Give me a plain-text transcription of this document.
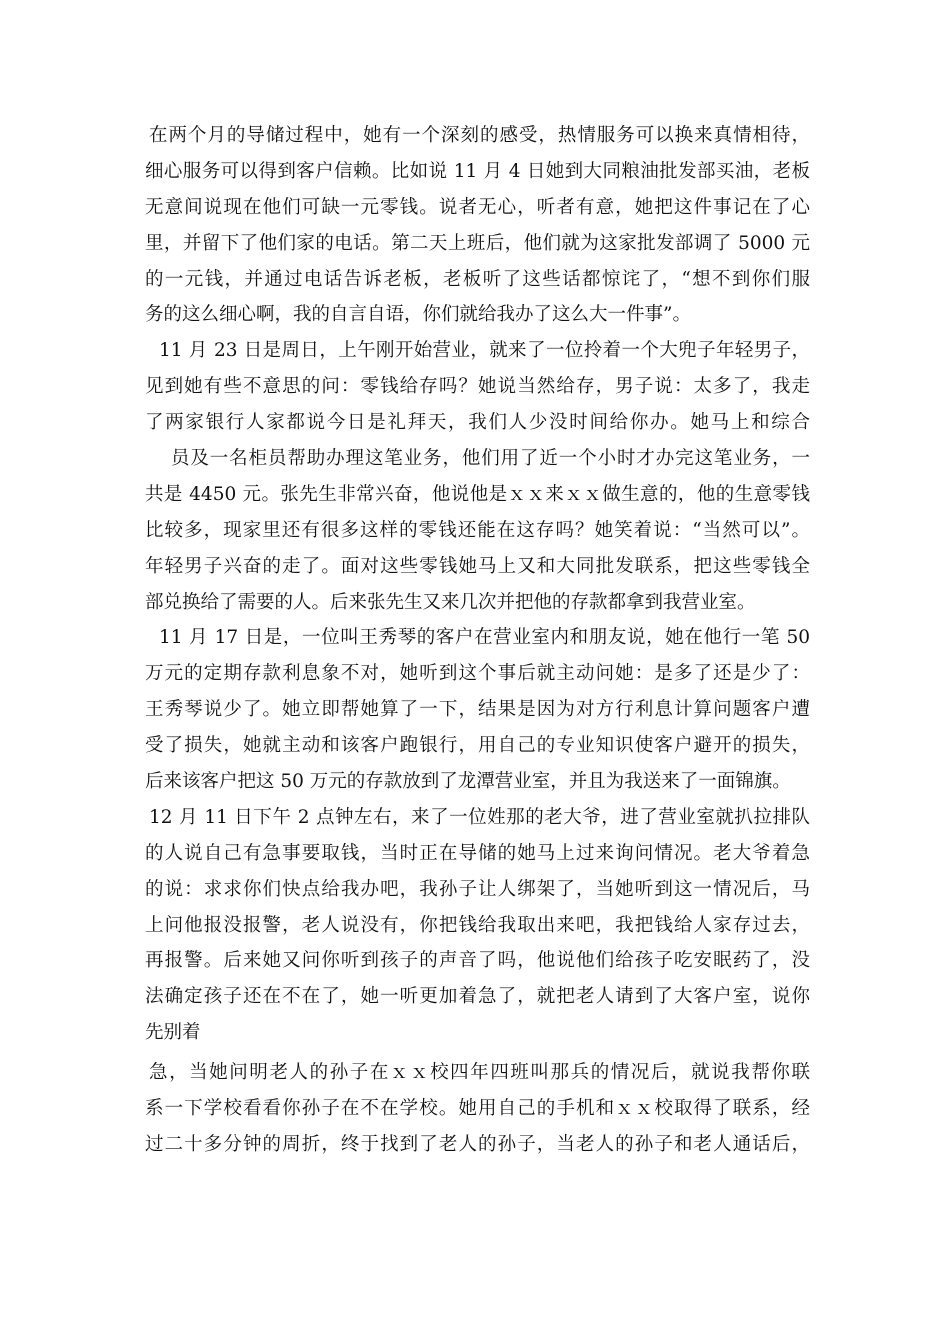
在两个月的导储过程中，她有一个深刻的感受，热情服务可以换来真情相待，
细心服务可以得到客户信赖。比如说 11 月 4 日她到大同粮油批发部买油，老板
无意间说现在他们可缺一元零钱。说者无心，听者有意，她把这件事记在了心
里，并留下了他们家的电话。第二天上班后，他们就为这家批发部调了 5000 元
的一元钱，并通过电话告诉老板，老板听了这些话都惊诧了，“想不到你们服
务的这么细心啊，我的自言自语，你们就给我办了这么大一件事”。
11 月 23 日是周日，上午刚开始营业，就来了一位拎着一个大兜子年轻男子，
见到她有些不意思的问：零钱给存吗？她说当然给存，男子说：太多了，我走
了两家银行人家都说今日是礼拜天，我们人少没时间给你办。她马上和综合
员及一名柜员帮助办理这笔业务，他们用了近一个小时才办完这笔业务，一
共是 4450 元。张先生非常兴奋，他说他是ｘｘ来ｘｘ做生意的，他的生意零钱
比较多，现家里还有很多这样的零钱还能在这存吗？她笑着说：“当然可以”。
年轻男子兴奋的走了。面对这些零钱她马上又和大同批发联系，把这些零钱全
部兑换给了需要的人。后来张先生又来几次并把他的存款都拿到我营业室。
11 月 17 日是，一位叫王秀琴的客户在营业室内和朋友说，她在他行一笔 50
万元的定期存款利息象不对，她听到这个事后就主动问她：是多了还是少了：
王秀琴说少了。她立即帮她算了一下，结果是因为对方行利息计算问题客户遭
受了损失，她就主动和该客户跑银行，用自己的专业知识使客户避开的损失，
后来该客户把这 50 万元的存款放到了龙潭营业室，并且为我送来了一面锦旗。
12 月 11 日下午 2 点钟左右，来了一位姓那的老大爷，进了营业室就扒拉排队
的人说自己有急事要取钱，当时正在导储的她马上过来询问情况。老大爷着急
的说：求求你们快点给我办吧，我孙子让人绑架了，当她听到这一情况后，马
上问他报没报警，老人说没有，你把钱给我取出来吧，我把钱给人家存过去，
再报警。后来她又问你听到孩子的声音了吗，他说他们给孩子吃安眠药了，没
法确定孩子还在不在了，她一听更加着急了，就把老人请到了大客户室，说你
先别着
急，当她问明老人的孙子在ｘｘ校四年四班叫那兵的情况后，就说我帮你联
系一下学校看看你孙子在不在学校。她用自己的手机和ｘｘ校取得了联系，经
过二十多分钟的周折，终于找到了老人的孙子，当老人的孙子和老人通话后，
